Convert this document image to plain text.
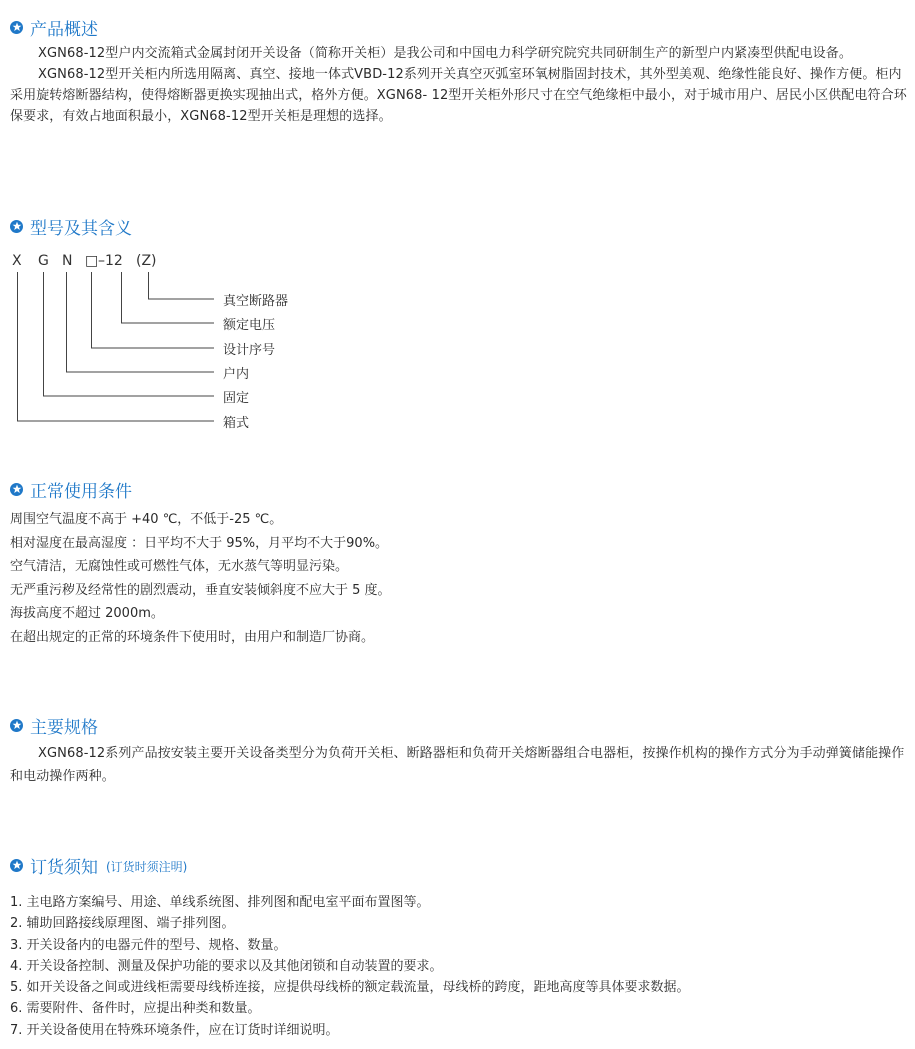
产品概述

XGN68-12型户内交流箱式金属封闭开关设备（简称开关柜）是我公司和中国电力科学研究院究共同研制生产的新型户内紧凑型供配电设备。

XGN68-12型开关柜内所选用隔离、真空、接地一体式VBD-12系列开关真空灭弧室环氧树脂固封技术，其外型美观、绝缘性能良好、操作方便。柜内采用旋转熔断器结构，使得熔断器更换实现抽出式，格外方便。XGN68- 12型开关柜外形尺寸在空气绝缘柜中最小，对于城市用户、居民小区供配电符合环保要求，有效占地面积最小，XGN68-12型开关柜是理想的选择。

型号及其含义
X G N □ –12 (Z)
真空断路器
额定电压
设计序号
户内
固定
箱式
正常使用条件

周围空气温度不高于 +40 ℃，不低于-25 ℃。

相对湿度在最高湿度 ：日平均不大于 95%，月平均不大于90%。

空气清洁，无腐蚀性或可燃性气体，无水蒸气等明显污染。

无严重污秽及经常性的剧烈震动，垂直安装倾斜度不应大于 5 度。

海拔高度不超过 2000m。

在超出规定的正常的环境条件下使用时，由用户和制造厂协商。

主要规格

XGN68-12系列产品按安装主要开关设备类型分为负荷开关柜、断路器柜和负荷开关熔断器组合电器柜，按操作机构的操作方式分为手动弹簧储能操作和电动操作两种。

订货须知 (订货时须注明)

1. 主电路方案编号、用途、单线系统图、排列图和配电室平面布置图等。

2. 辅助回路接线原理图、端子排列图。

3. 开关设备内的电器元件的型号、规格、数量。

4. 开关设备控制、测量及保护功能的要求以及其他闭锁和自动装置的要求。

5. 如开关设备之间或进线柜需要母线桥连接，应提供母线桥的额定载流量，母线桥的跨度，距地高度等具体要求数据。

6. 需要附件、备件时，应提出种类和数量。

7. 开关设备使用在特殊环境条件，应在订货时详细说明。
